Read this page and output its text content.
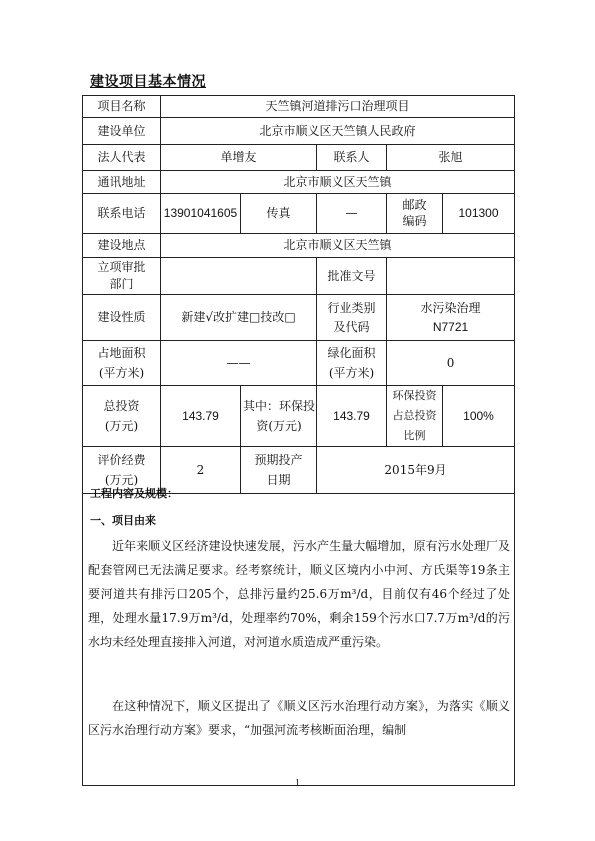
建设项目基本情况
项目名称	天竺镇河道排污口治理项目				
建设单位	北京市顺义区天竺镇人民政府				
法人代表	单增友		联系人	张旭	
通讯地址	北京市顺义区天竺镇				
联系电话	13901041605	传真	—	邮政编码	101300
建设地点	北京市顺义区天竺镇				
立项审批部门			批准文号		
建设性质	新建√改扩建□技改□		行业类别及代码	水污染治理
N7721	

占地面积(平方米)	——		绿化面积(平方米)	0	
总投资(万元)	143.79	其中：环保投资(万元)	143.79	环保投资占总投资比例	100%
评价经费(万元)	2	预期投产日期	2015年9月		
工程内容及规模：
一、项目由来

近年来顺义区经济建设快速发展，污水产生量大幅增加，原有污水处理厂及配套管网已无法满足要求。经考察统计，顺义区境内小中河、方氏渠等19条主要河道共有排污口205个，总排污量约25.6万m³/d，目前仅有46个经过了处理，处理水量17.9万m³/d，处理率约70%，剩余159个污水口7.7万m³/d的污水均未经处理直接排入河道，对河道水质造成严重污染。

在这种情况下，顺义区提出了《顺义区污水治理行动方案》，为落实《顺义区污水治理行动方案》要求，“加强河流考核断面治理，编制

1
